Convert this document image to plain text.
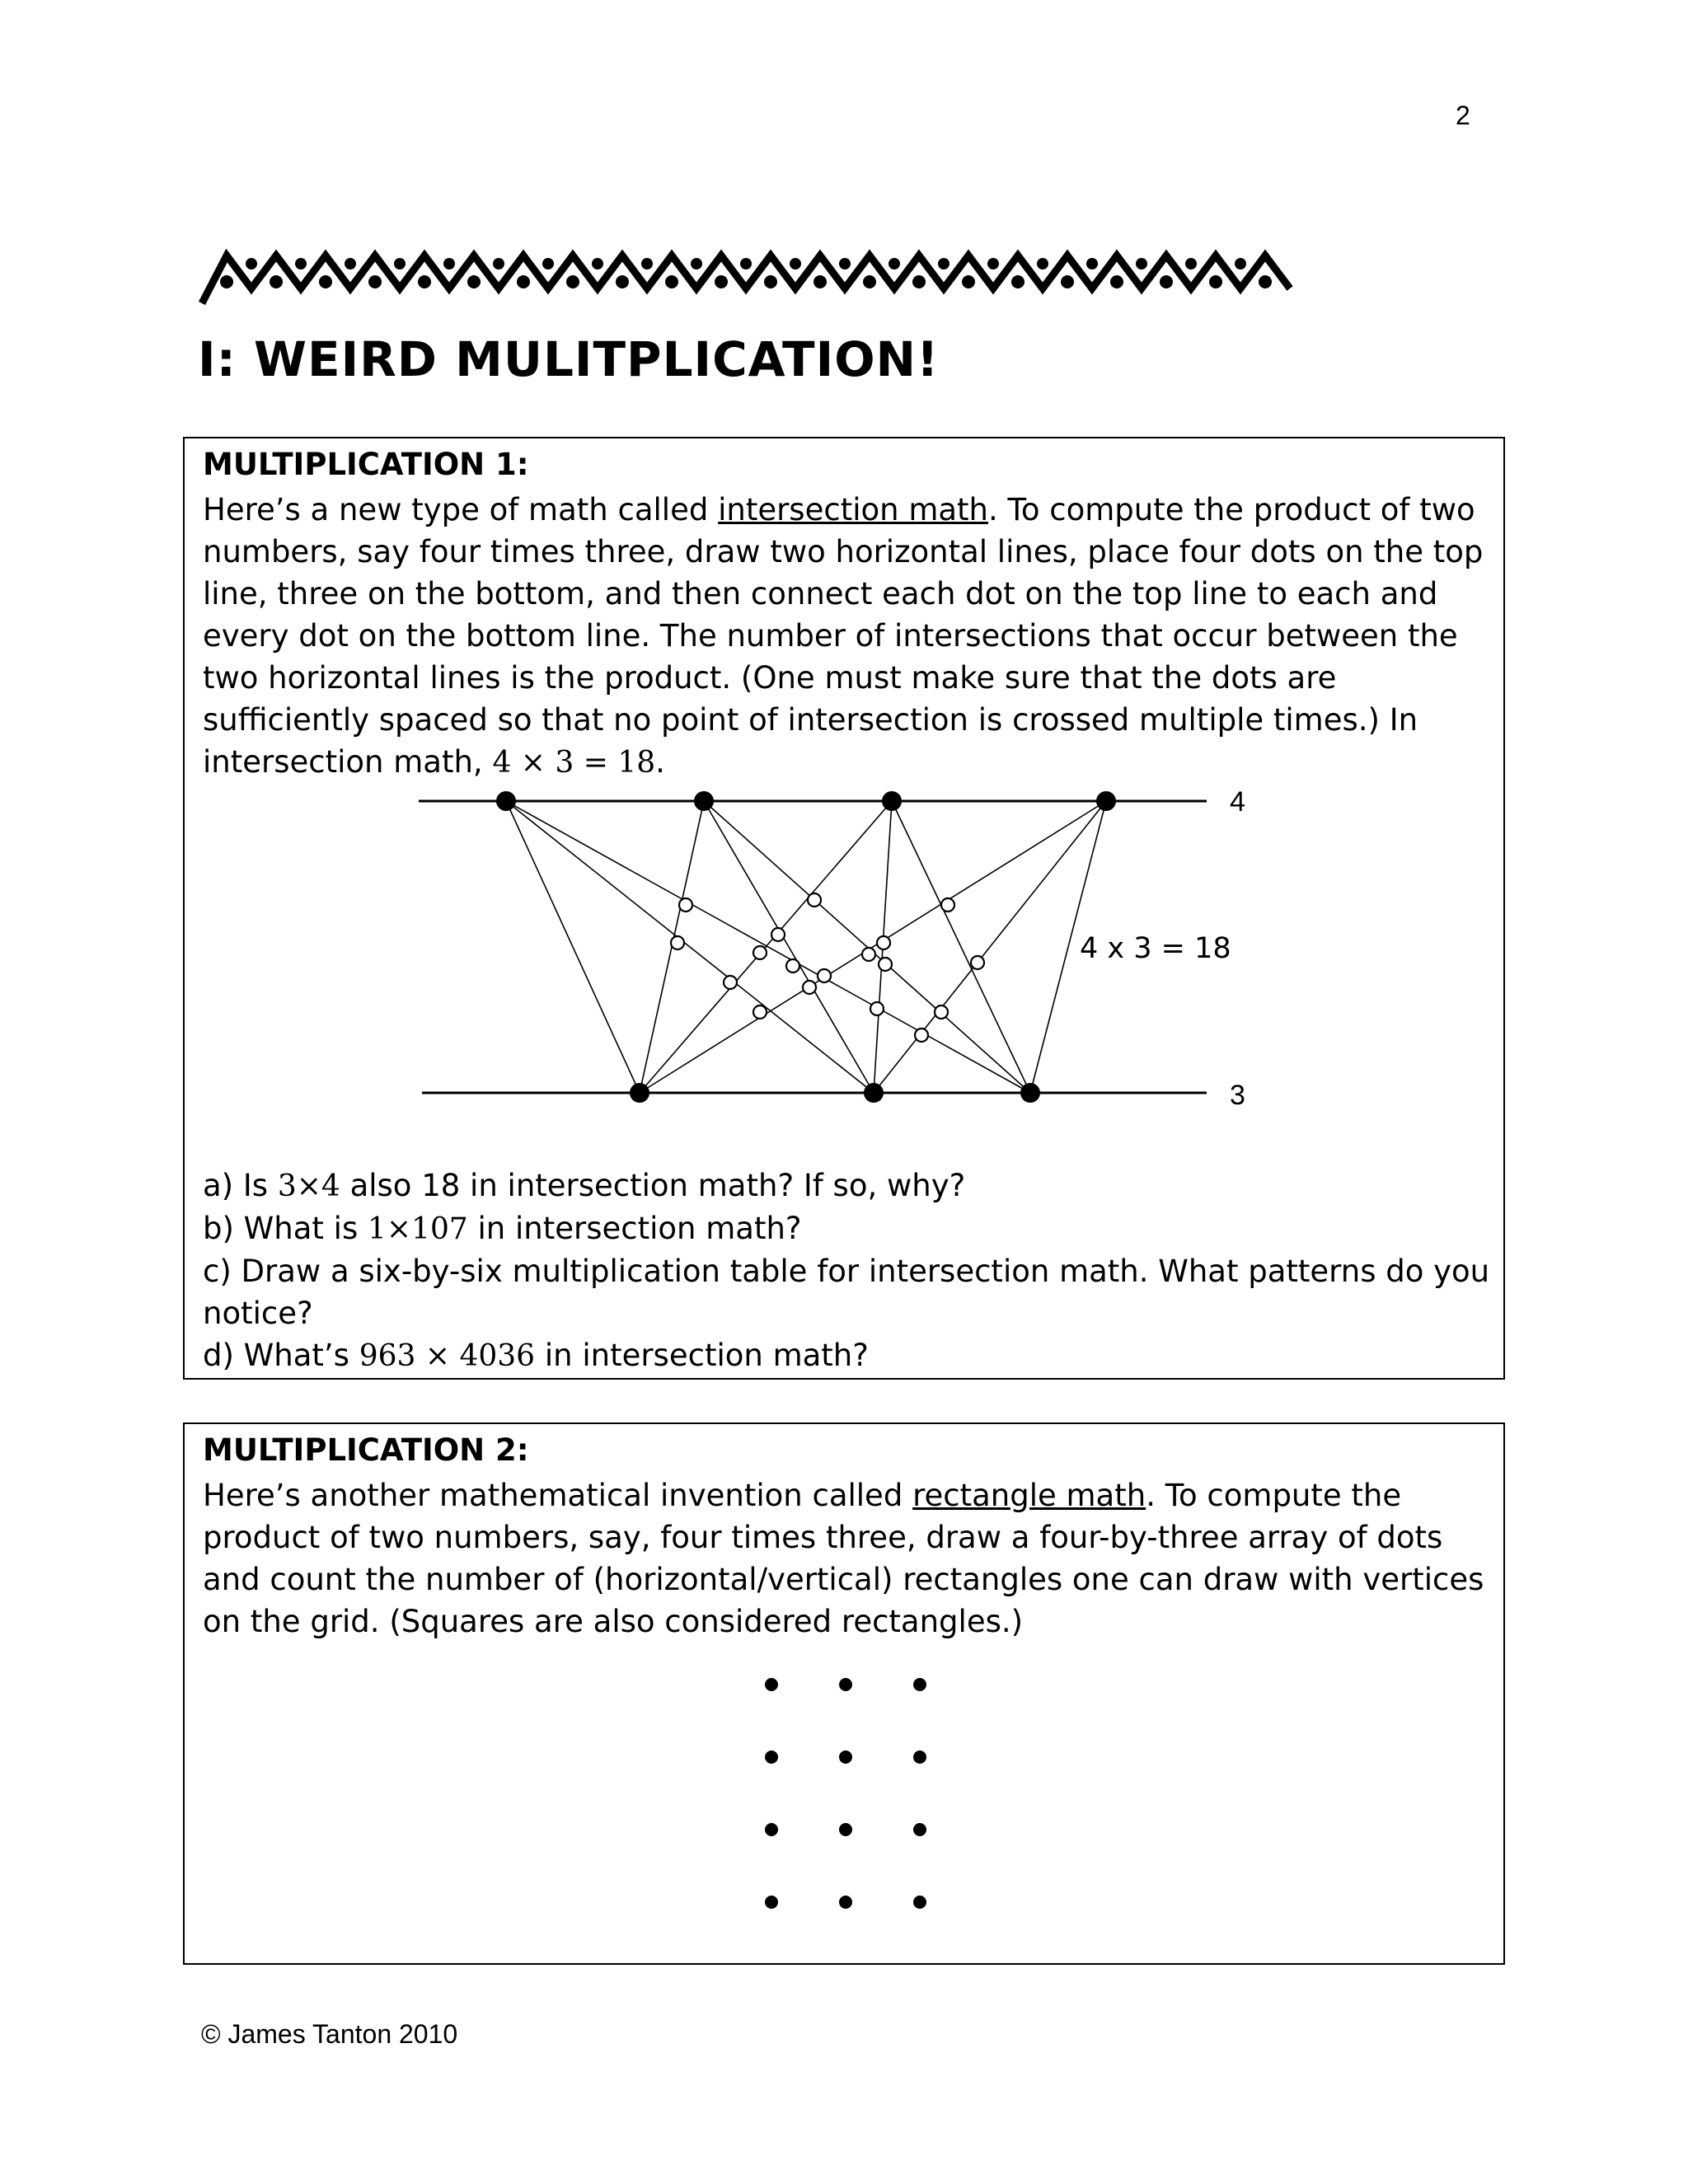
2
I: WEIRD MULITPLICATION!
MULTIPLICATION 1:

Here’s a new type of math called intersection math. To compute the product of two numbers, say four times three, draw two horizontal lines, place four dots on the top line, three on the bottom, and then connect each dot on the top line to each and every dot on the bottom line. The number of intersections that occur between the two horizontal lines is the product. (One must make sure that the dots are sufficiently spaced so that no point of intersection is crossed multiple times.) In intersection math, 4 × 3 = 18.

4
3
4 x 3 = 18
a) Is 3×4 also 18 in intersection math? If so, why?
b) What is 1×107 in intersection math?
c) Draw a six-by-six multiplication table for intersection math. What patterns do you notice?
d) What’s 963 × 4036 in intersection math?
MULTIPLICATION 2:

Here’s another mathematical invention called rectangle math. To compute the product of two numbers, say, four times three, draw a four-by-three array of dots and count the number of (horizontal/vertical) rectangles one can draw with vertices on the grid. (Squares are also considered rectangles.)

© James Tanton 2010
